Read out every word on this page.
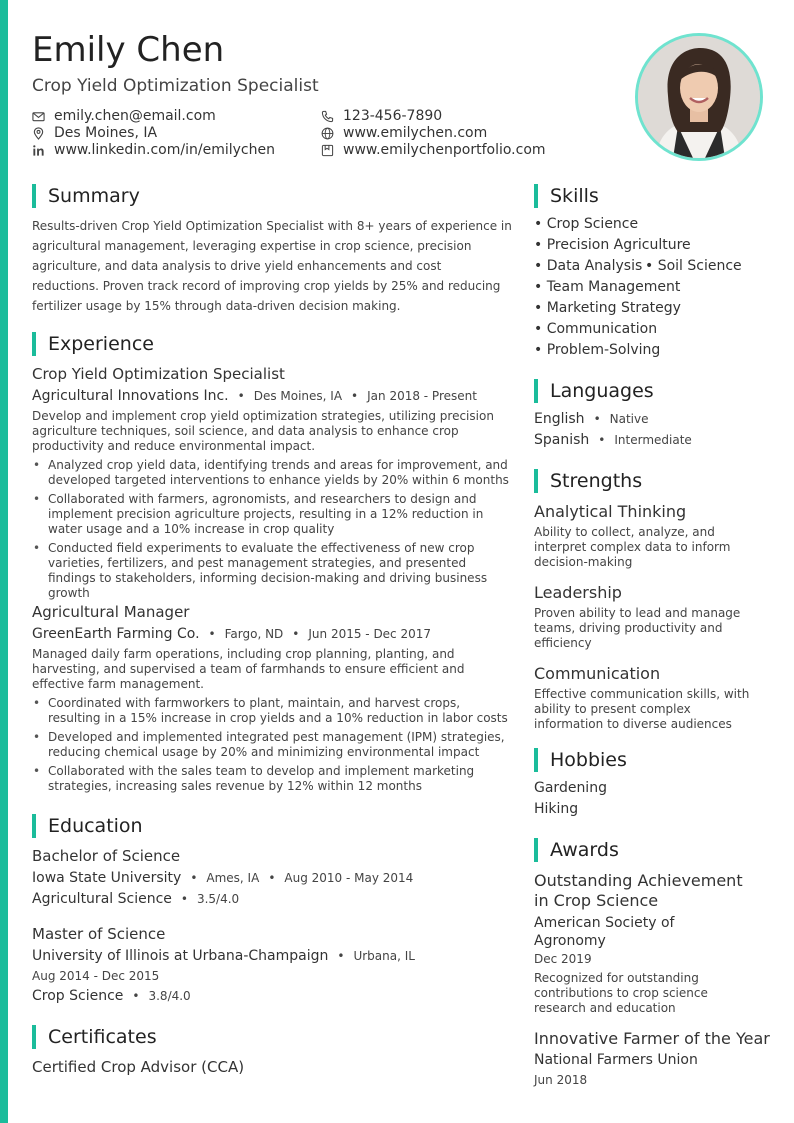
Emily Chen
Crop Yield Optimization Specialist
emily.chen@email.com	123-456-7890
Des Moines, IA	www.emilychen.com
www.linkedin.com/in/emilychen	www.emilychenportfolio.com
Summary
Results-driven Crop Yield Optimization Specialist with 8+ years of experience in agricultural management, leveraging expertise in crop science, precision agriculture, and data analysis to drive yield enhancements and cost reductions. Proven track record of improving crop yields by 25% and reducing fertilizer usage by 15% through data-driven decision making.
Experience
Crop Yield Optimization Specialist
Agricultural Innovations Inc. • Des Moines, IA • Jan 2018 - Present
Develop and implement crop yield optimization strategies, utilizing precision agriculture techniques, soil science, and data analysis to enhance crop productivity and reduce environmental impact.
• Analyzed crop yield data, identifying trends and areas for improvement, and developed targeted interventions to enhance yields by 20% within 6 months
• Collaborated with farmers, agronomists, and researchers to design and implement precision agriculture projects, resulting in a 12% reduction in water usage and a 10% increase in crop quality
• Conducted field experiments to evaluate the effectiveness of new crop varieties, fertilizers, and pest management strategies, and presented findings to stakeholders, informing decision-making and driving business growth
Agricultural Manager
GreenEarth Farming Co. • Fargo, ND • Jun 2015 - Dec 2017
Managed daily farm operations, including crop planning, planting, and harvesting, and supervised a team of farmhands to ensure efficient and effective farm management.
• Coordinated with farmworkers to plant, maintain, and harvest crops, resulting in a 15% increase in crop yields and a 10% reduction in labor costs
• Developed and implemented integrated pest management (IPM) strategies, reducing chemical usage by 20% and minimizing environmental impact
• Collaborated with the sales team to develop and implement marketing strategies, increasing sales revenue by 12% within 12 months
Education
Bachelor of Science
Iowa State University • Ames, IA • Aug 2010 - May 2014
Agricultural Science • 3.5/4.0
Master of Science
University of Illinois at Urbana-Champaign • Urbana, IL
Aug 2014 - Dec 2015
Crop Science • 3.8/4.0
Certificates
Certified Crop Advisor (CCA)
Skills
• Crop Science
• Precision Agriculture
• Data Analysis • Soil Science
• Team Management
• Marketing Strategy
• Communication
• Problem-Solving
Languages
English • Native
Spanish • Intermediate
Strengths
Analytical Thinking
Ability to collect, analyze, and interpret complex data to inform decision-making
Leadership
Proven ability to lead and manage teams, driving productivity and efficiency
Communication
Effective communication skills, with ability to present complex information to diverse audiences
Hobbies
Gardening
Hiking
Awards
Outstanding Achievement in Crop Science
American Society of Agronomy
Dec 2019
Recognized for outstanding contributions to crop science research and education
Innovative Farmer of the Year
National Farmers Union
Jun 2018
